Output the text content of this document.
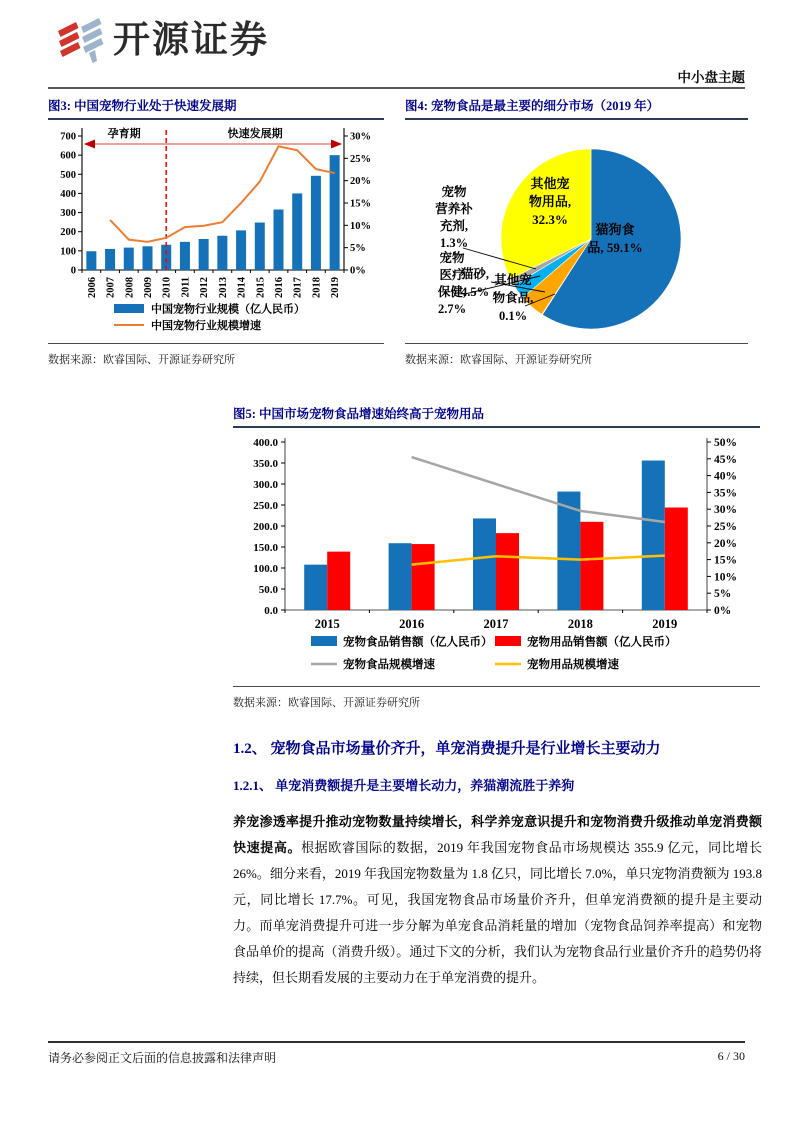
开源证券
中小盘主题
图3: 中国宠物行业处于快速发展期
0
100
200
300
400
500
600
700
0%
5%
10%
15%
20%
25%
30%
2006 2007 2008 2009 2010 2011 2012 2013 2014 2015 2016 2017 2018 2019
孕育期	快速发展期
中国宠物行业规模（亿人民币）
中国宠物行业规模增速
数据来源：欧睿国际、开源证券研究所
图4: 宠物食品是最主要的细分市场（2019 年）
猫狗食
品, 59.1%
其他宠
物食品,
0.1%
猫砂,
4.5%
宠物
医疗
保健,
2.7%
宠物
营养补
充剂,
1.3%
其他宠
物用品,
32.3%
数据来源：欧睿国际、开源证券研究所
图5: 中国市场宠物食品增速始终高于宠物用品
0.0
50.0
100.0
150.0
200.0
250.0
300.0
350.0
400.0
0%
5%
10%
15%
20%
25%
30%
35%
40%
45%
50%
2015	2016	2017	2018	2019
宠物食品销售额（亿人民币）	宠物用品销售额（亿人民币）
宠物食品规模增速	宠物用品规模增速
数据来源：欧睿国际、开源证券研究所
1.2、 宠物食品市场量价齐升，单宠消费提升是行业增长主要动力
1.2.1、 单宠消费额提升是主要增长动力，养猫潮流胜于养狗

养宠渗透率提升推动宠物数量持续增长，科学养宠意识提升和宠物消费升级推动单宠消费额快速提高。根据欧睿国际的数据，2019 年我国宠物食品市场规模达 355.9 亿元，同比增长 26%。细分来看，2019 年我国宠物数量为 1.8 亿只，同比增长 7.0%，单只宠物消费额为 193.8 元，同比增长 17.7%。可见，我国宠物食品市场量价齐升，但单宠消费额的提升是主要动力。而单宠消费提升可进一步分解为单宠食品消耗量的增加（宠物食品饲养率提高）和宠物食品单价的提高（消费升级）。通过下文的分析，我们认为宠物食品行业量价齐升的趋势仍将持续，但长期看发展的主要动力在于单宠消费的提升。

请务必参阅正文后面的信息披露和法律声明	6 / 30
